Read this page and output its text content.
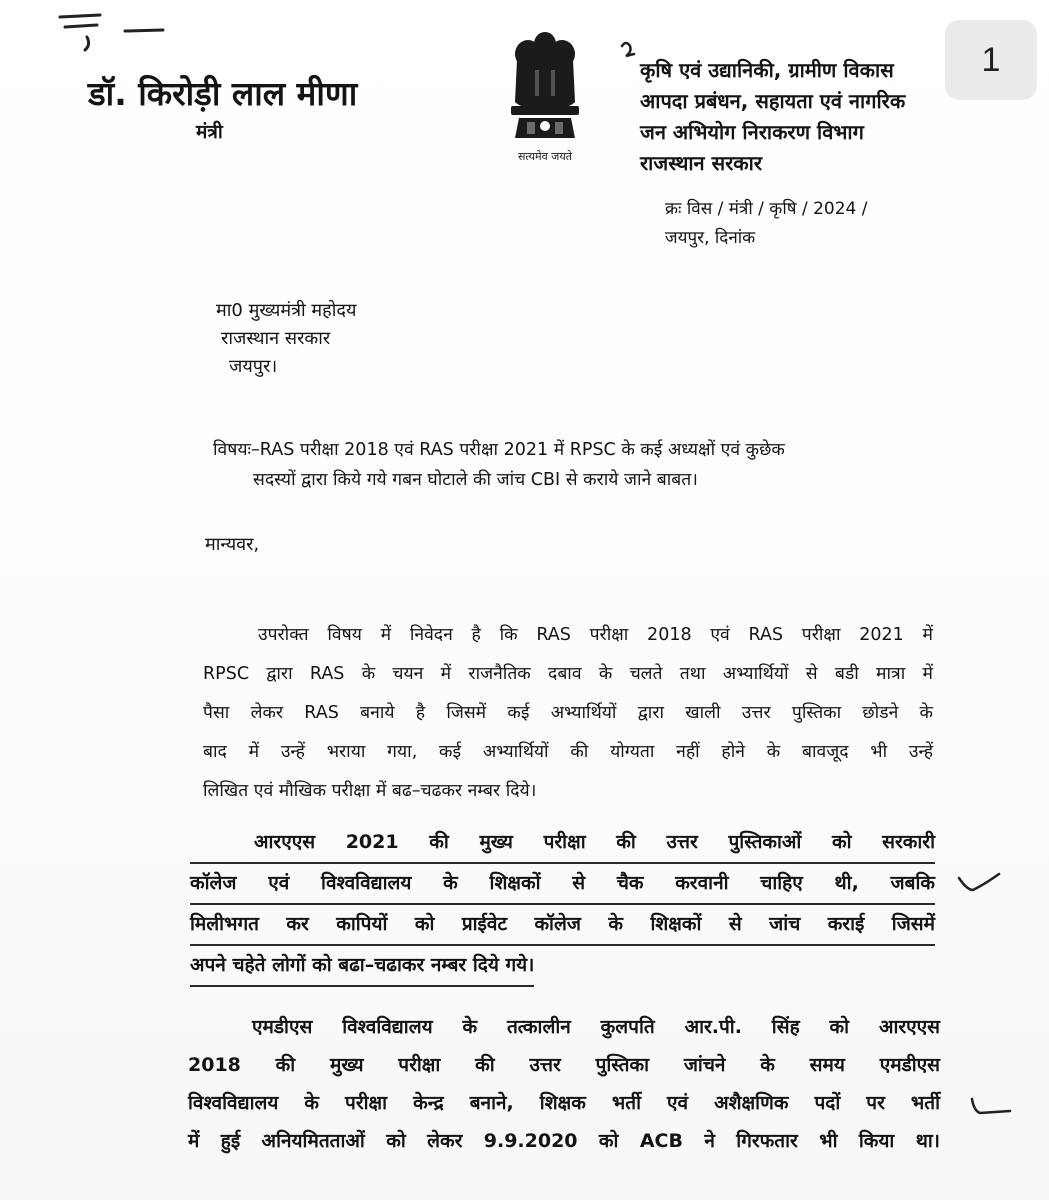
डॉ. किरोड़ी लाल मीणा
मंत्री
सत्यमेव जयते
कृषि एवं उद्यानिकी, ग्रामीण विकास
आपदा प्रबंधन, सहायता एवं नागरिक
जन अभियोग निराकरण विभाग
राजस्थान सरकार
क्रः विस / मंत्री / कृषि / 2024 /
जयपुर, दिनांक
मा0 मुख्यमंत्री महोदय
राजस्थान सरकार
जयपुर।
विषयः–RAS परीक्षा 2018 एवं RAS परीक्षा 2021 में RPSC के कई अध्यक्षों एवं कुछेक
सदस्यों द्वारा किये गये गबन घोटाले की जांच CBI से कराये जाने बाबत।
मान्यवर,
उपरोक्त विषय में निवेदन है कि RAS परीक्षा 2018 एवं RAS परीक्षा 2021 में
RPSC द्वारा RAS के चयन में राजनैतिक दबाव के चलते तथा अभ्यार्थियों से बडी मात्रा में
पैसा लेकर RAS बनाये है जिसमें कई अभ्यार्थियों द्वारा खाली उत्तर पुस्तिका छोडने के
बाद में उन्हें भराया गया, कई अभ्यार्थियों की योग्यता नहीं होने के बावजूद भी उन्हें
लिखित एवं मौखिक परीक्षा में बढ–चढकर नम्बर दिये।
आरएएस 2021 की मुख्य परीक्षा की उत्तर पुस्तिकाओं को सरकारी
कॉलेज एवं विश्वविद्यालय के शिक्षकों से चैक करवानी चाहिए थी, जबकि
मिलीभगत कर कापियों को प्राईवेट कॉलेज के शिक्षकों से जांच कराई जिसमें
अपने चहेते लोगों को बढा–चढाकर नम्बर दिये गये।
एमडीएस विश्वविद्यालय के तत्कालीन कुलपति आर.पी. सिंह को आरएएस
2018 की मुख्य परीक्षा की उत्तर पुस्तिका जांचने के समय एमडीएस
विश्वविद्यालय के परीक्षा केन्द्र बनाने, शिक्षक भर्ती एवं अशैक्षणिक पदों पर भर्ती
में हुई अनियमितताओं को लेकर 9.9.2020 को ACB ने गिरफतार भी किया था।
1
